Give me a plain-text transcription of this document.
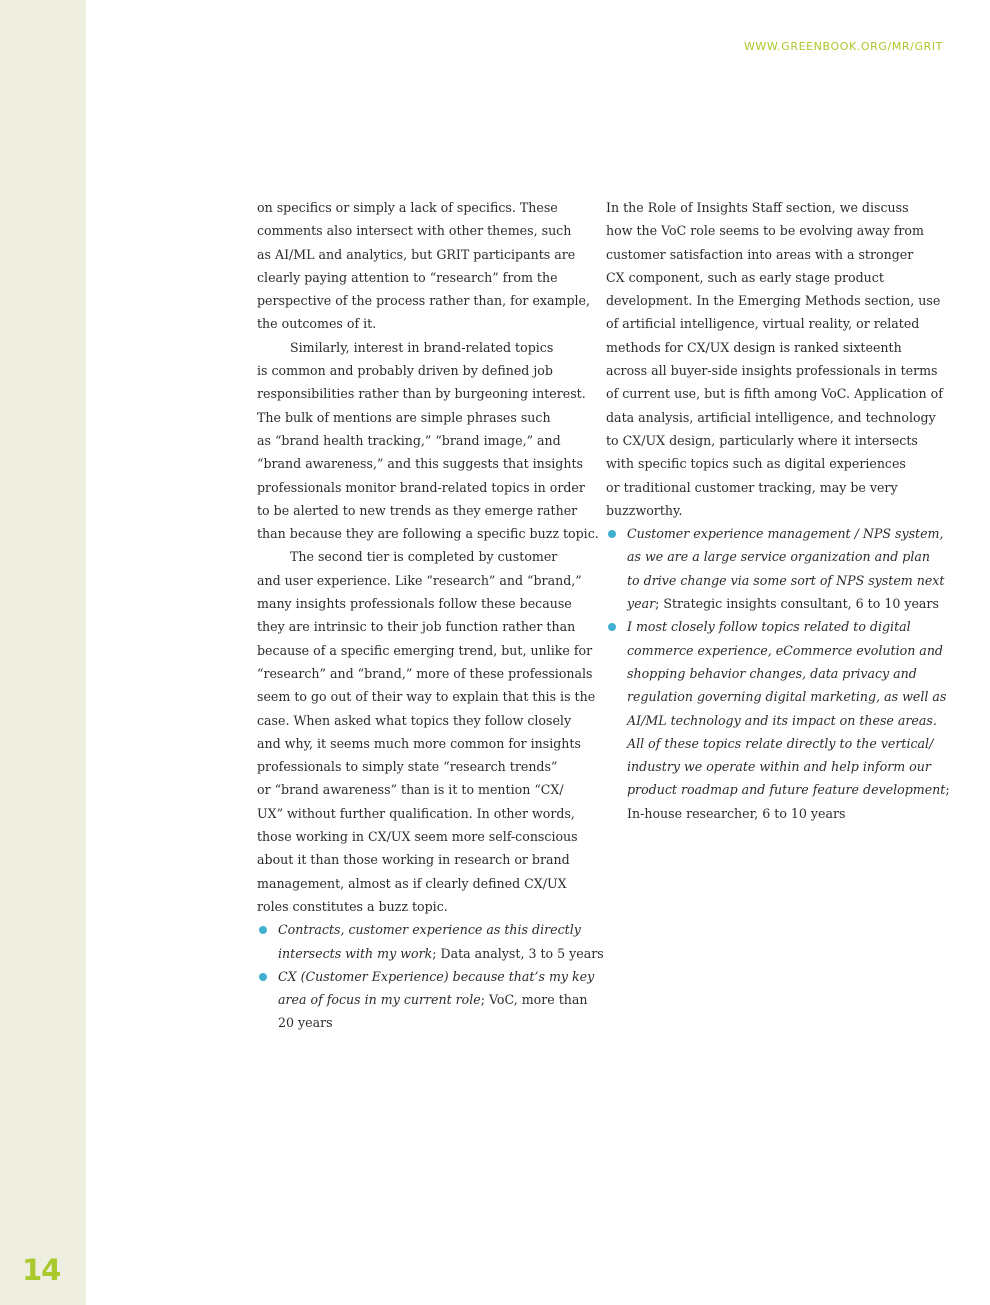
14
WWW.GREENBOOK.ORG/MR/GRIT
on specifics or simply a lack of specifics. These
comments also intersect with other themes, such
as AI/ML and analytics, but GRIT participants are
clearly paying attention to “research” from the
perspective of the process rather than, for example,
the outcomes of it.
Similarly, interest in brand-related topics
is common and probably driven by defined job
responsibilities rather than by burgeoning interest.
The bulk of mentions are simple phrases such
as “brand health tracking,” “brand image,” and
“brand awareness,” and this suggests that insights
professionals monitor brand-related topics in order
to be alerted to new trends as they emerge rather
than because they are following a specific buzz topic.
The second tier is completed by customer
and user experience. Like “research” and “brand,”
many insights professionals follow these because
they are intrinsic to their job function rather than
because of a specific emerging trend, but, unlike for
“research” and “brand,” more of these professionals
seem to go out of their way to explain that this is the
case. When asked what topics they follow closely
and why, it seems much more common for insights
professionals to simply state “research trends”
or “brand awareness” than is it to mention “CX/
UX” without further qualification. In other words,
those working in CX/UX seem more self-conscious
about it than those working in research or brand
management, almost as if clearly defined CX/UX
roles constitutes a buzz topic.
Contracts, customer experience as this directly
intersects with my work; Data analyst, 3 to 5 years
CX (Customer Experience) because that’s my key
area of focus in my current role; VoC, more than
20 years
In the Role of Insights Staff section, we discuss
how the VoC role seems to be evolving away from
customer satisfaction into areas with a stronger
CX component, such as early stage product
development. In the Emerging Methods section, use
of artificial intelligence, virtual reality, or related
methods for CX/UX design is ranked sixteenth
across all buyer-side insights professionals in terms
of current use, but is fifth among VoC. Application of
data analysis, artificial intelligence, and technology
to CX/UX design, particularly where it intersects
with specific topics such as digital experiences
or traditional customer tracking, may be very
buzzworthy.
Customer experience management / NPS system,
as we are a large service organization and plan
to drive change via some sort of NPS system next
year; Strategic insights consultant, 6 to 10 years
I most closely follow topics related to digital
commerce experience, eCommerce evolution and
shopping behavior changes, data privacy and
regulation governing digital marketing, as well as
AI/ML technology and its impact on these areas.
All of these topics relate directly to the vertical/
industry we operate within and help inform our
product roadmap and future feature development;
In-house researcher, 6 to 10 years
